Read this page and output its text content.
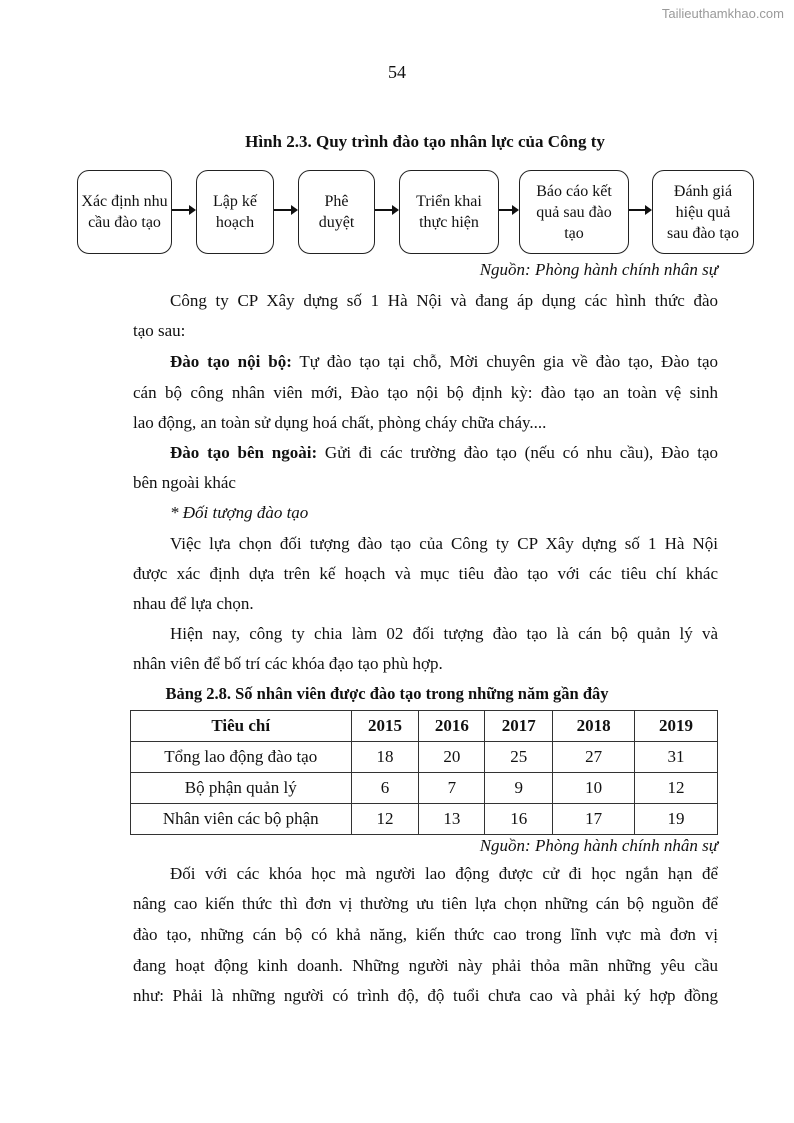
Tailieuthamkhao.com
54
Hình 2.3. Quy trình đào tạo nhân lực của Công ty
Xác định nhu cầu đào tạo
Lập kế hoạch
Phê duyệt
Triển khai thực hiện
Báo cáo kết quả sau đào tạo
Đánh giá hiệu quả sau đào tạo
Nguồn: Phòng hành chính nhân sự
Công ty CP Xây dựng số 1 Hà Nội và đang áp dụng các hình thức đào
tạo sau:
Đào tạo nội bộ: Tự đào tạo tại chỗ, Mời chuyên gia về đào tạo, Đào tạo
cán bộ công nhân viên mới, Đào tạo nội bộ định kỳ: đào tạo an toàn vệ sinh
lao động, an toàn sử dụng hoá chất, phòng cháy chữa cháy....
Đào tạo bên ngoài: Gửi đi các trường đào tạo (nếu có nhu cầu), Đào tạo
bên ngoài khác
* Đối tượng đào tạo
Việc lựa chọn đối tượng đào tạo của Công ty CP Xây dựng số 1 Hà Nội
được xác định dựa trên kế hoạch và mục tiêu đào tạo với các tiêu chí khác
nhau để lựa chọn.
Hiện nay, công ty chia làm 02 đối tượng đào tạo là cán bộ quản lý và
nhân viên để bố trí các khóa đạo tạo phù hợp.
Bảng 2.8. Số nhân viên được đào tạo trong những năm gần đây
Tiêu chí	2015	2016	2017	2018	2019
Tổng lao động đào tạo	18	20	25	27	31
Bộ phận quản lý	6	7	9	10	12
Nhân viên các bộ phận	12	13	16	17	19
Nguồn: Phòng hành chính nhân sự
Đối với các khóa học mà người lao động được cử đi học ngắn hạn để
nâng cao kiến thức thì đơn vị thường ưu tiên lựa chọn những cán bộ nguồn để
đào tạo, những cán bộ có khả năng, kiến thức cao trong lĩnh vực mà đơn vị
đang hoạt động kinh doanh. Những người này phải thỏa mãn những yêu cầu
như: Phải là những người có trình độ, độ tuổi chưa cao và phải ký hợp đồng
